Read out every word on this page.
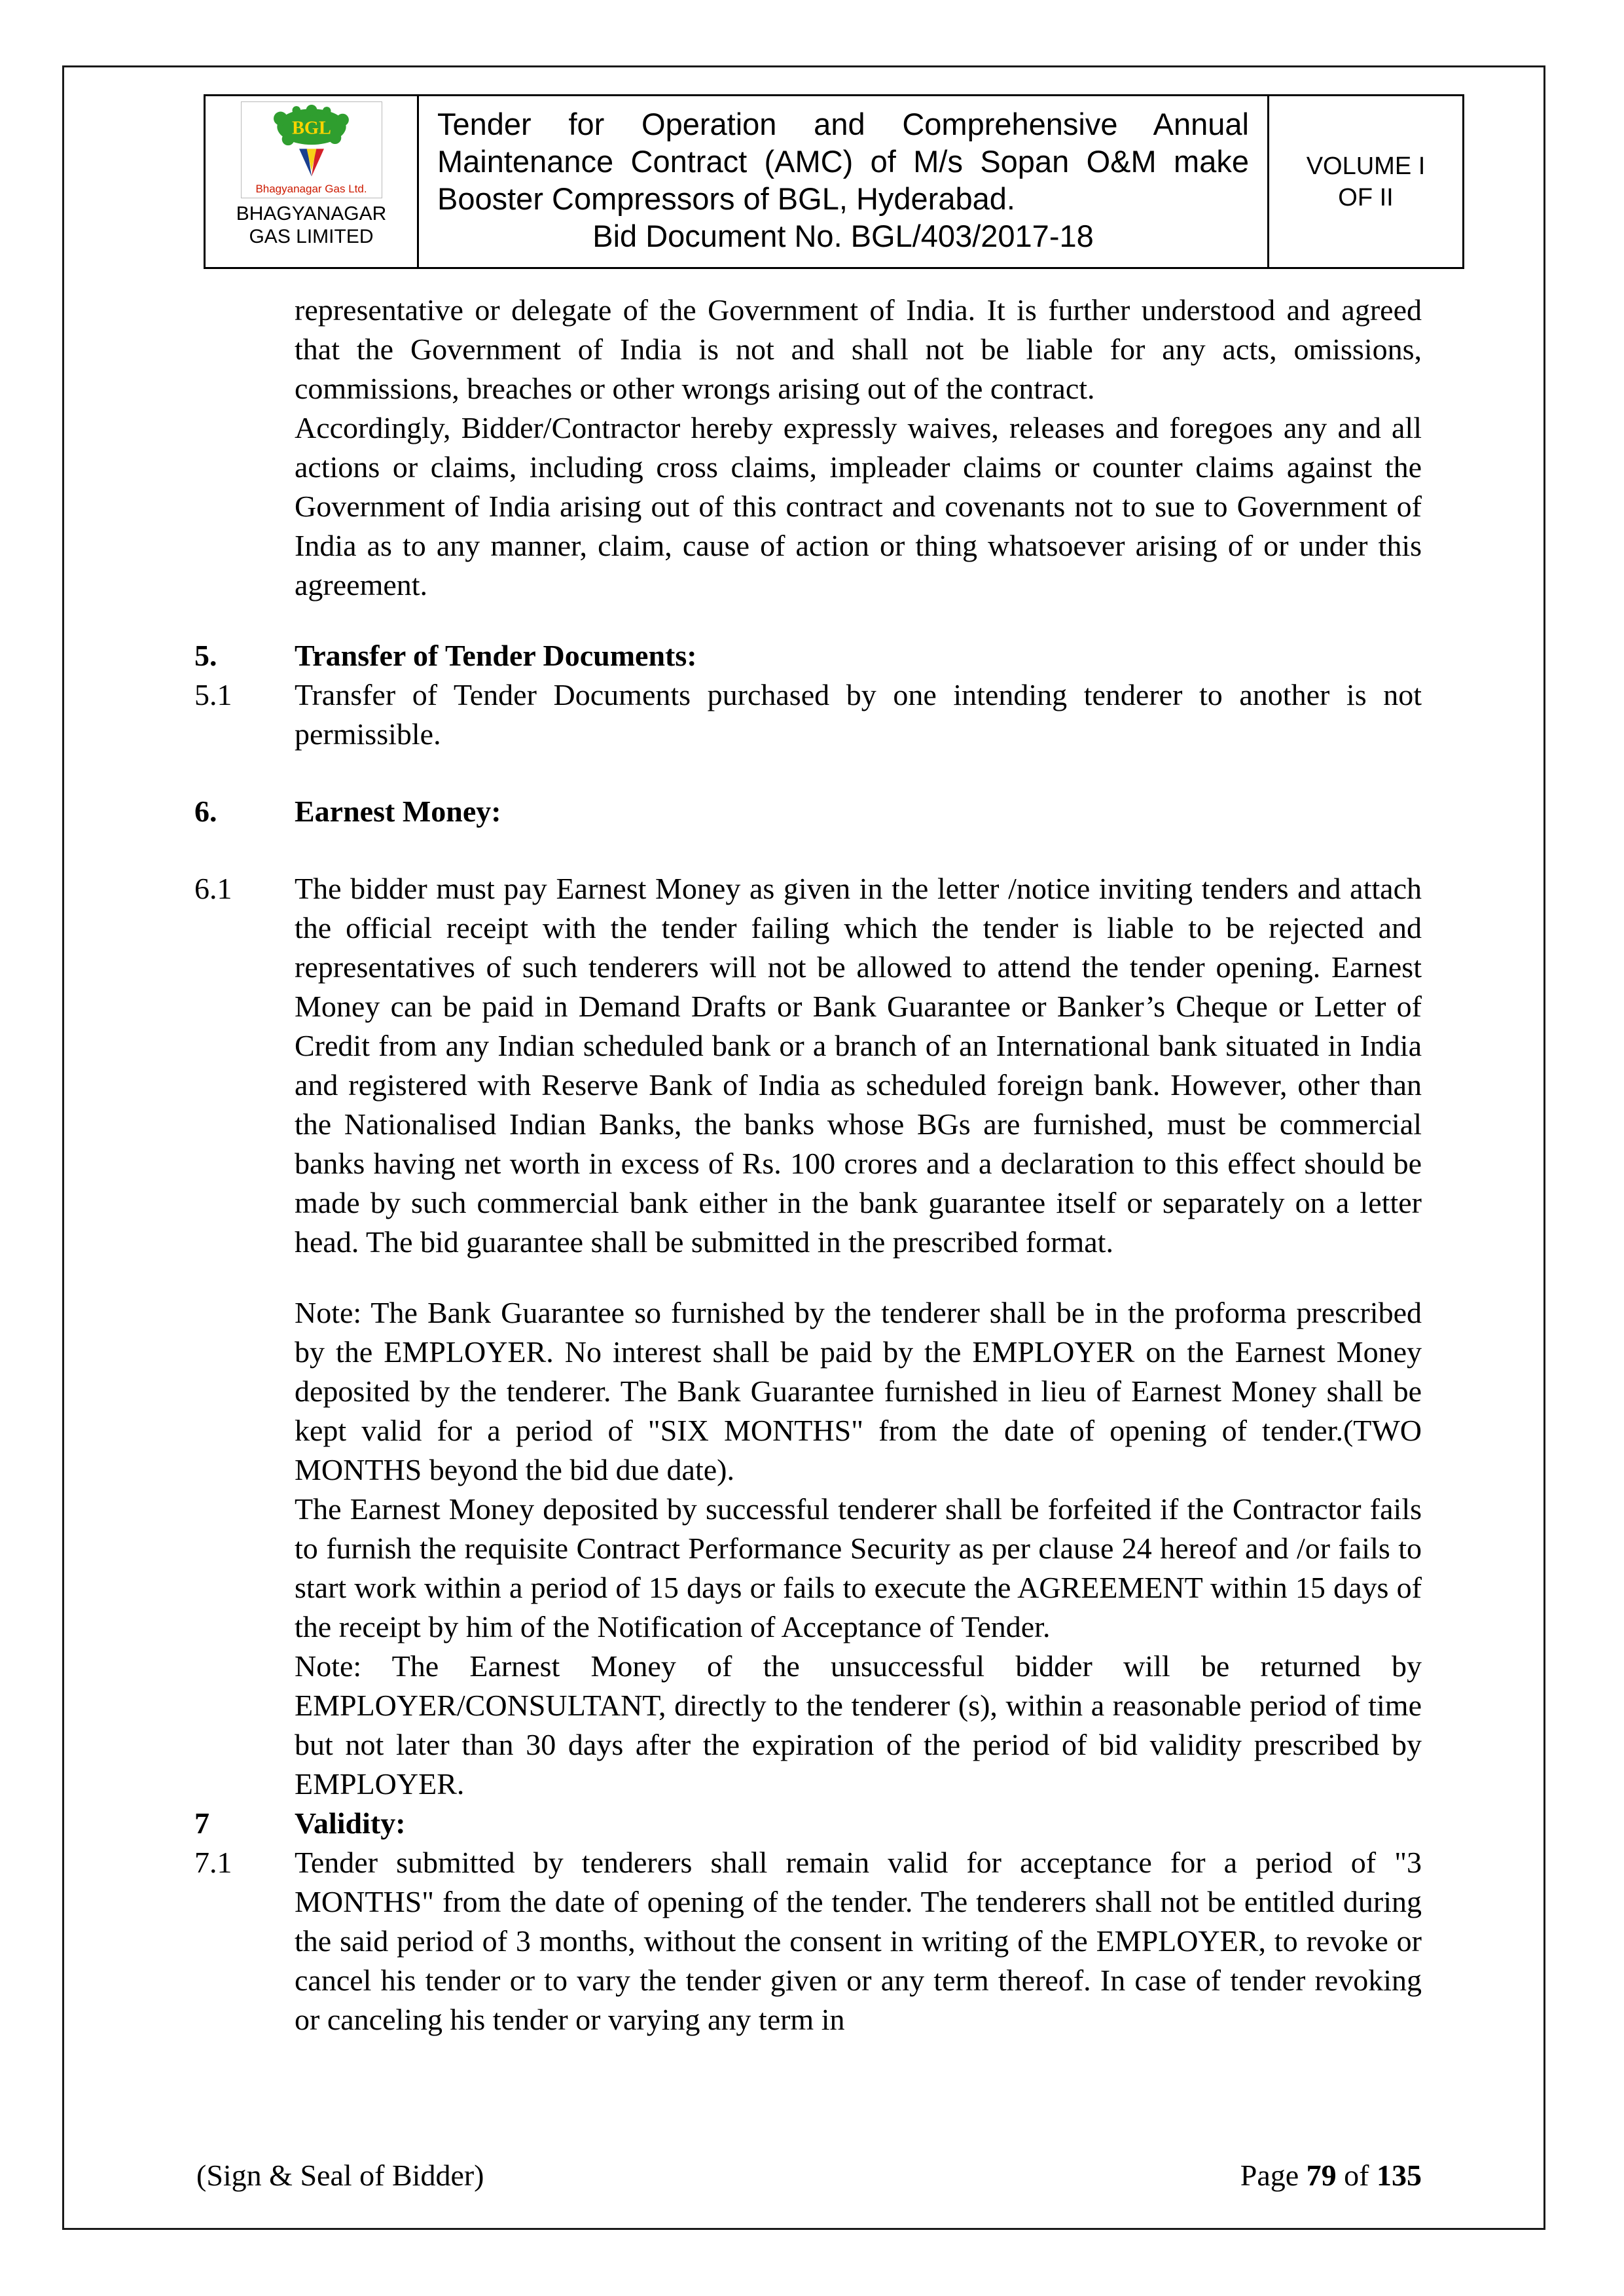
BGL
Bhagyanagar Gas Ltd.
BHAGYANAGAR GAS LIMITED
Tender for Operation and Comprehensive Annual Maintenance Contract (AMC) of M/s Sopan O&M make Booster Compressors of BGL, Hyderabad.
Bid Document No. BGL/403/2017-18
VOLUME I
OF II

representative or delegate of the Government of India. It is further understood and agreed that the Government of India is not and shall not be liable for any acts, omissions, commissions, breaches or other wrongs arising out of the contract.

Accordingly, Bidder/Contractor hereby expressly waives, releases and foregoes any and all actions or claims, including cross claims, impleader claims or counter claims against the Government of India arising out of this contract and covenants not to sue to Government of India as to any manner, claim, cause of action or thing whatsoever arising of or under this agreement.

5.	Transfer of Tender Documents:
5.1 Transfer of Tender Documents purchased by one intending tenderer to another is not permissible.
6.	Earnest Money:
6.1 The bidder must pay Earnest Money as given in the letter /notice inviting tenders and attach the official receipt with the tender failing which the tender is liable to be rejected and representatives of such tenderers will not be allowed to attend the tender opening. Earnest Money can be paid in Demand Drafts or Bank Guarantee or Banker’s Cheque or Letter of Credit from any Indian scheduled bank or a branch of an International bank situated in India and registered with Reserve Bank of India as scheduled foreign bank. However, other than the Nationalised Indian Banks, the banks whose BGs are furnished, must be commercial banks having net worth in excess of Rs. 100 crores and a declaration to this effect should be made by such commercial bank either in the bank guarantee itself or separately on a letter head. The bid guarantee shall be submitted in the prescribed format.

Note: The Bank Guarantee so furnished by the tenderer shall be in the proforma prescribed by the EMPLOYER. No interest shall be paid by the EMPLOYER on the Earnest Money deposited by the tenderer. The Bank Guarantee furnished in lieu of Earnest Money shall be kept valid for a period of "SIX MONTHS" from the date of opening of tender.(TWO MONTHS beyond the bid due date).

The Earnest Money deposited by successful tenderer shall be forfeited if the Contractor fails to furnish the requisite Contract Performance Security as per clause 24 hereof and /or fails to start work within a period of 15 days or fails to execute the AGREEMENT within 15 days of the receipt by him of the Notification of Acceptance of Tender.

Note: The Earnest Money of the unsuccessful bidder will be returned by EMPLOYER/CONSULTANT, directly to the tenderer (s), within a reasonable period of time but not later than 30 days after the expiration of the period of bid validity prescribed by EMPLOYER.

7	Validity:
7.1 Tender submitted by tenderers shall remain valid for acceptance for a period of "3 MONTHS" from the date of opening of the tender. The tenderers shall not be entitled during the said period of 3 months, without the consent in writing of the EMPLOYER, to revoke or cancel his tender or to vary the tender given or any term thereof. In case of tender revoking or canceling his tender or varying any term in
(Sign & Seal of Bidder)	Page 79 of 135
